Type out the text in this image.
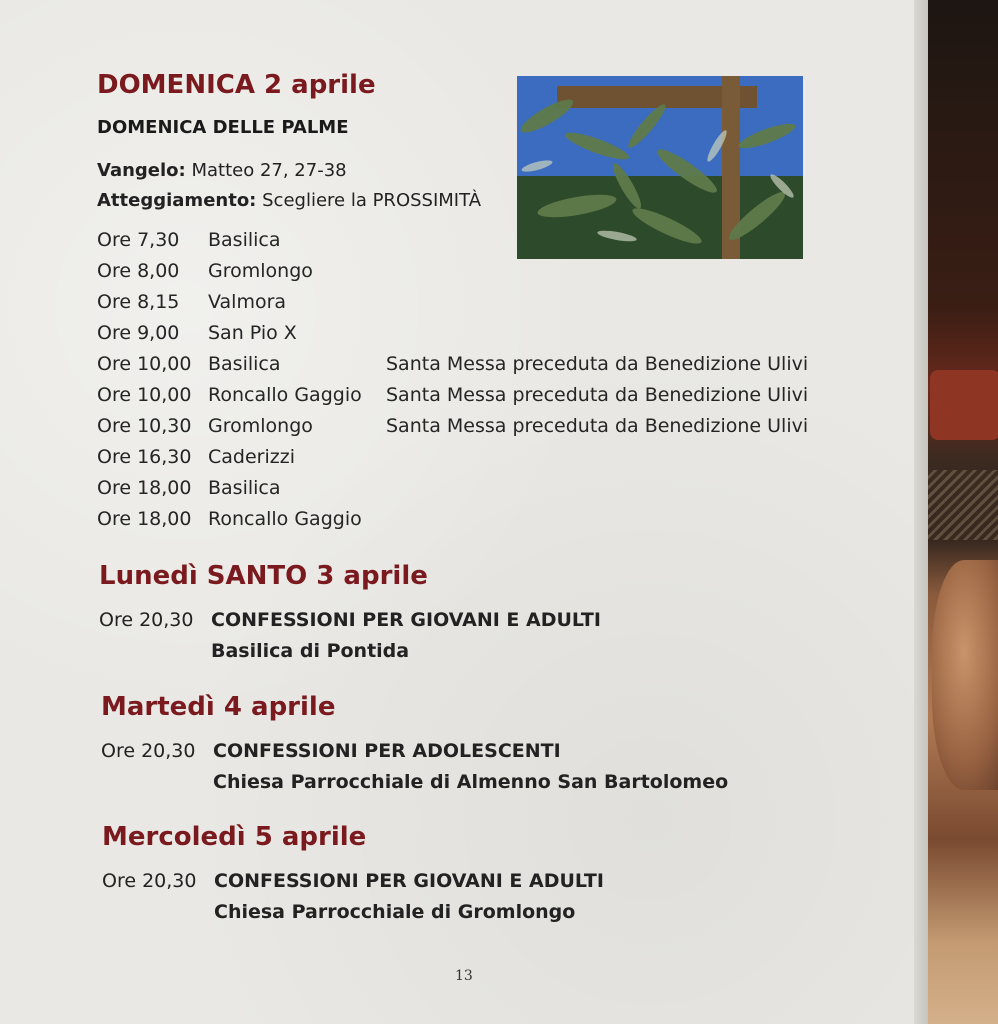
DOMENICA 2 aprile
DOMENICA DELLE PALME
Vangelo: Matteo 27, 27-38
Atteggiamento: Scegliere la PROSSIMITÀ
Ore 7,30 Basilica
Ore 8,00 Gromlongo
Ore 8,15 Valmora
Ore 9,00 San Pio X
Ore 10,00 Basilica	Santa Messa preceduta da Benedizione Ulivi
Ore 10,00 Roncallo Gaggio Santa Messa preceduta da Benedizione Ulivi
Ore 10,30 Gromlongo	Santa Messa preceduta da Benedizione Ulivi
Ore 16,30 Caderizzi
Ore 18,00 Basilica
Ore 18,00 Roncallo Gaggio
Lunedì SANTO 3 aprile
Ore 20,30 CONFESSIONI PER GIOVANI E ADULTI
Basilica di Pontida
Martedì 4 aprile
Ore 20,30 CONFESSIONI PER ADOLESCENTI
Chiesa Parrocchiale di Almenno San Bartolomeo
Mercoledì 5 aprile
Ore 20,30 CONFESSIONI PER GIOVANI E ADULTI
Chiesa Parrocchiale di Gromlongo
13
